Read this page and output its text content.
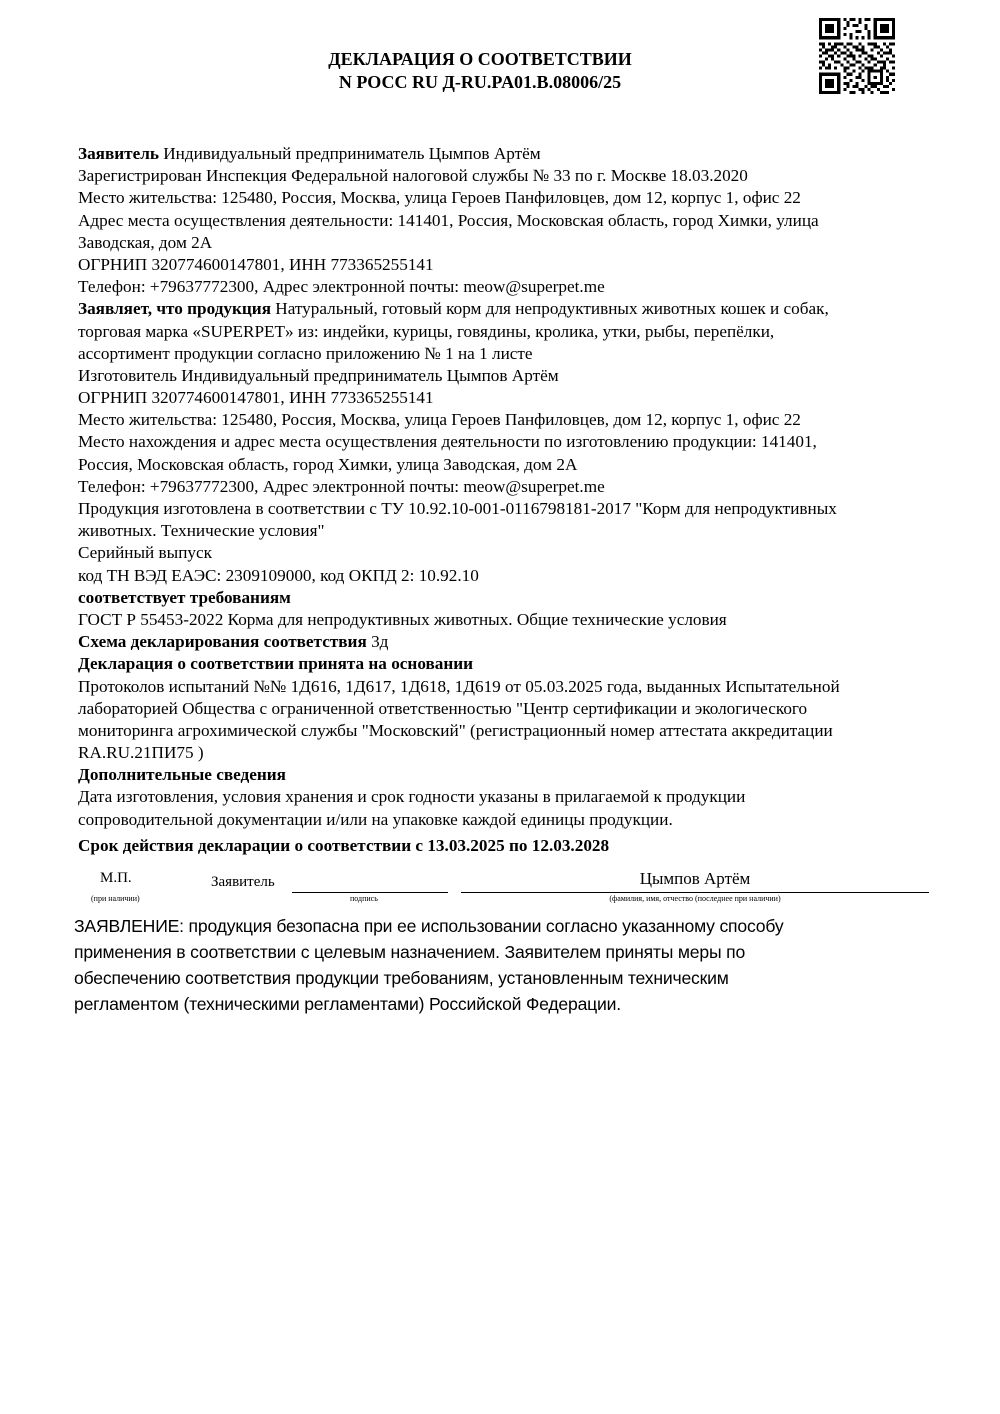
ДЕКЛАРАЦИЯ О СООТВЕТСТВИИ
N РОСС RU Д-RU.PA01.B.08006/25
Заявитель Индивидуальный предприниматель Цымпов Артём
Зарегистрирован Инспекция Федеральной налоговой службы № 33 по г. Москве 18.03.2020
Место жительства: 125480, Россия, Москва, улица Героев Панфиловцев, дом 12, корпус 1, офис 22
Адрес места осуществления деятельности: 141401, Россия, Московская область, город Химки, улица
Заводская, дом 2А
ОГРНИП 320774600147801, ИНН 773365255141
Телефон: +79637772300, Адрес электронной почты: meow@superpet.me
Заявляет, что продукция Натуральный, готовый корм для непродуктивных животных кошек и собак,
торговая марка «SUPERPET» из: индейки, курицы, говядины, кролика, утки, рыбы, перепёлки,
ассортимент продукции согласно приложению № 1 на 1 листе
Изготовитель Индивидуальный предприниматель Цымпов Артём
ОГРНИП 320774600147801, ИНН 773365255141
Место жительства: 125480, Россия, Москва, улица Героев Панфиловцев, дом 12, корпус 1, офис 22
Место нахождения и адрес места осуществления деятельности по изготовлению продукции: 141401,
Россия, Московская область, город Химки, улица Заводская, дом 2А
Телефон: +79637772300, Адрес электронной почты: meow@superpet.me
Продукция изготовлена в соответствии с ТУ 10.92.10-001-0116798181-2017 "Корм для непродуктивных
животных. Технические условия"
Серийный выпуск
код ТН ВЭД ЕАЭС: 2309109000, код ОКПД 2: 10.92.10
соответствует требованиям
ГОСТ Р 55453-2022 Корма для непродуктивных животных. Общие технические условия
Схема декларирования соответствия 3д
Декларация о соответствии принята на основании
Протоколов испытаний №№ 1Д616, 1Д617, 1Д618, 1Д619 от 05.03.2025 года, выданных Испытательной
лабораторией Общества с ограниченной ответственностью "Центр сертификации и экологического
мониторинга агрохимической службы "Московский" (регистрационный номер аттестата аккредитации
RA.RU.21ПИ75 )
Дополнительные сведения
Дата изготовления, условия хранения и срок годности указаны в прилагаемой к продукции
сопроводительной документации и/или на упаковке каждой единицы продукции.
Срок действия декларации о соответствии с 13.03.2025 по 12.03.2028
М.П.
(при наличии)
Заявитель
подпись
Цымпов Артём
(фамилия, имя, отчество (последнее при наличии)
ЗАЯВЛЕНИЕ: продукция безопасна при ее использовании согласно указанному способу
применения в соответствии с целевым назначением. Заявителем приняты меры по
обеспечению соответствия продукции требованиям, установленным техническим
регламентом (техническими регламентами) Российской Федерации.
